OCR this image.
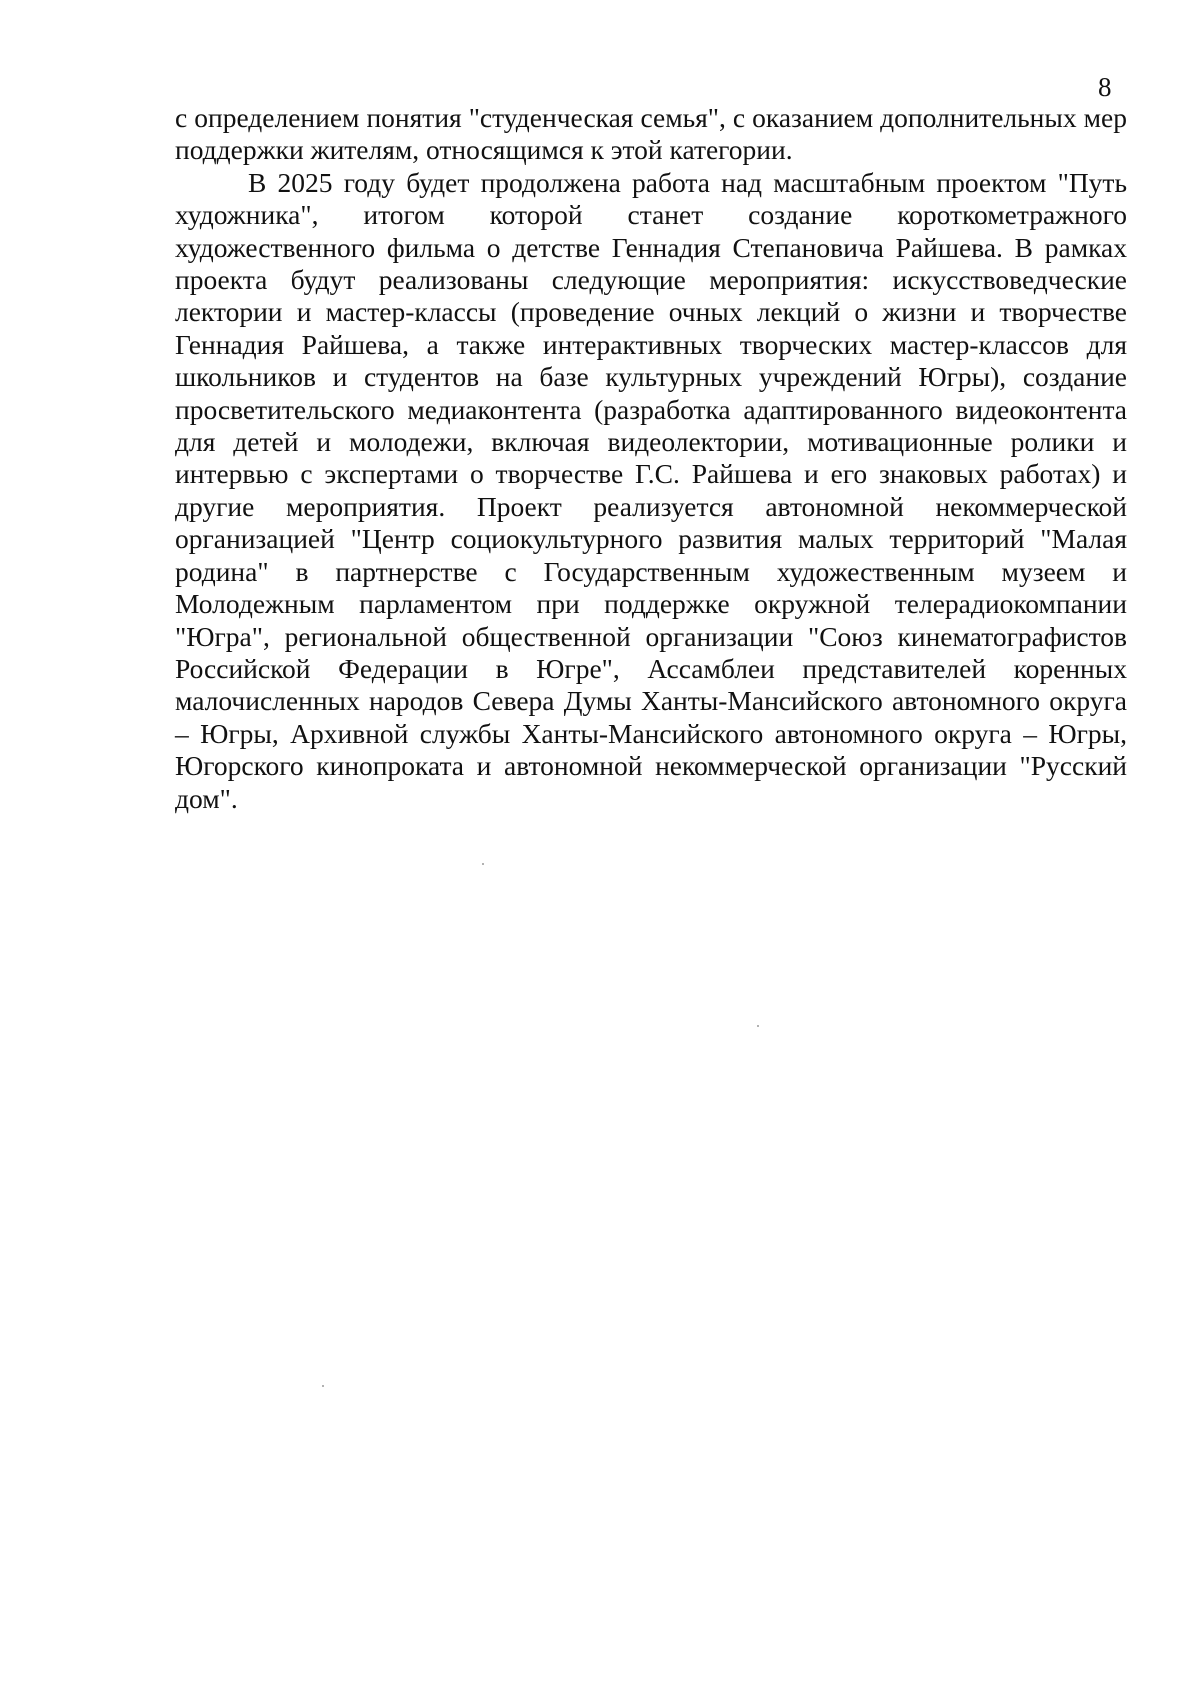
8

с определением понятия "студенческая семья", с оказанием дополнительных мер поддержки жителям, относящимся к этой категории.

В 2025 году будет продолжена работа над масштабным проектом "Путь художника", итогом которой станет создание короткометражного художественного фильма о детстве Геннадия Степановича Райшева. В рамках проекта будут реализованы следующие мероприятия: искусствоведческие лектории и мастер-классы (проведение очных лекций о жизни и творчестве Геннадия Райшева, а также интерактивных творческих мастер-классов для школьников и студентов на базе культурных учреждений Югры), создание просветительского медиаконтента (разработка адаптированного видеоконтента для детей и молодежи, включая видеолектории, мотивационные ролики и интервью с экспертами о творчестве Г.С. Райшева и его знаковых работах) и другие мероприятия. Проект реализуется автономной некоммерческой организацией "Центр социокультурного развития малых территорий "Малая родина" в партнерстве с Государственным художественным музеем и Молодежным парламентом при поддержке окружной телерадиокомпании "Югра", региональной общественной организации "Союз кинематографистов Российской Федерации в Югре", Ассамблеи представителей коренных малочисленных народов Севера Думы Ханты-Мансийского автономного округа – Югры, Архивной службы Ханты-Мансийского автономного округа – Югры, Югорского кинопроката и автономной некоммерческой организации "Русский дом".
